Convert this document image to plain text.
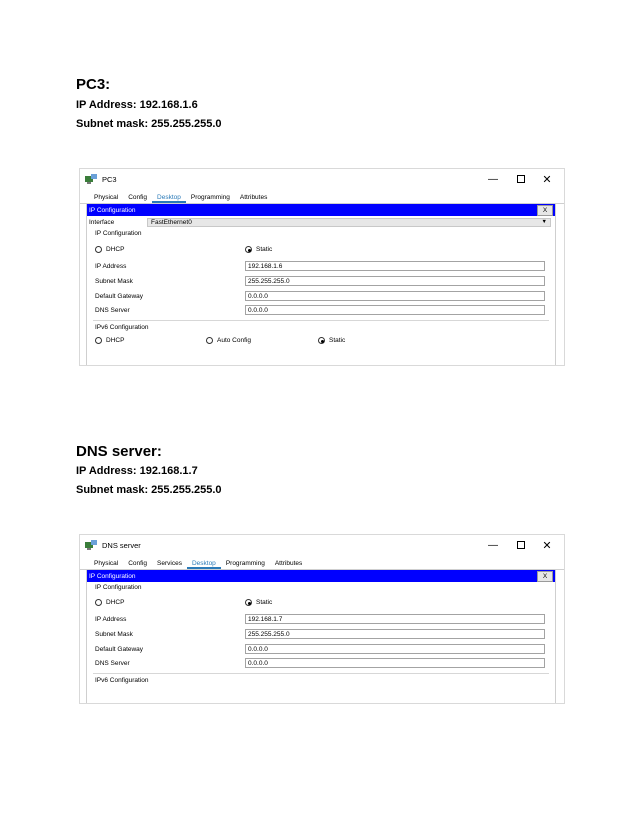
PC3:
IP Address: 192.168.1.6
Subnet mask: 255.255.255.0
PC3	—	✕
Physical	Config	Desktop	Programming	Attributes
IP Configuration	X
Interface	FastEthernet0	▼
IP Configuration
DHCP	Static
IP Address	192.168.1.6
Subnet Mask	255.255.255.0
Default Gateway	0.0.0.0
DNS Server	0.0.0.0
IPv6 Configuration
DHCP	Auto Config	Static
DNS server:
IP Address: 192.168.1.7
Subnet mask: 255.255.255.0
DNS server	—	✕
Physical	Config	Services	Desktop	Programming	Attributes
IP Configuration	X
IP Configuration
DHCP	Static
IP Address	192.168.1.7
Subnet Mask	255.255.255.0
Default Gateway	0.0.0.0
DNS Server	0.0.0.0
IPv6 Configuration
